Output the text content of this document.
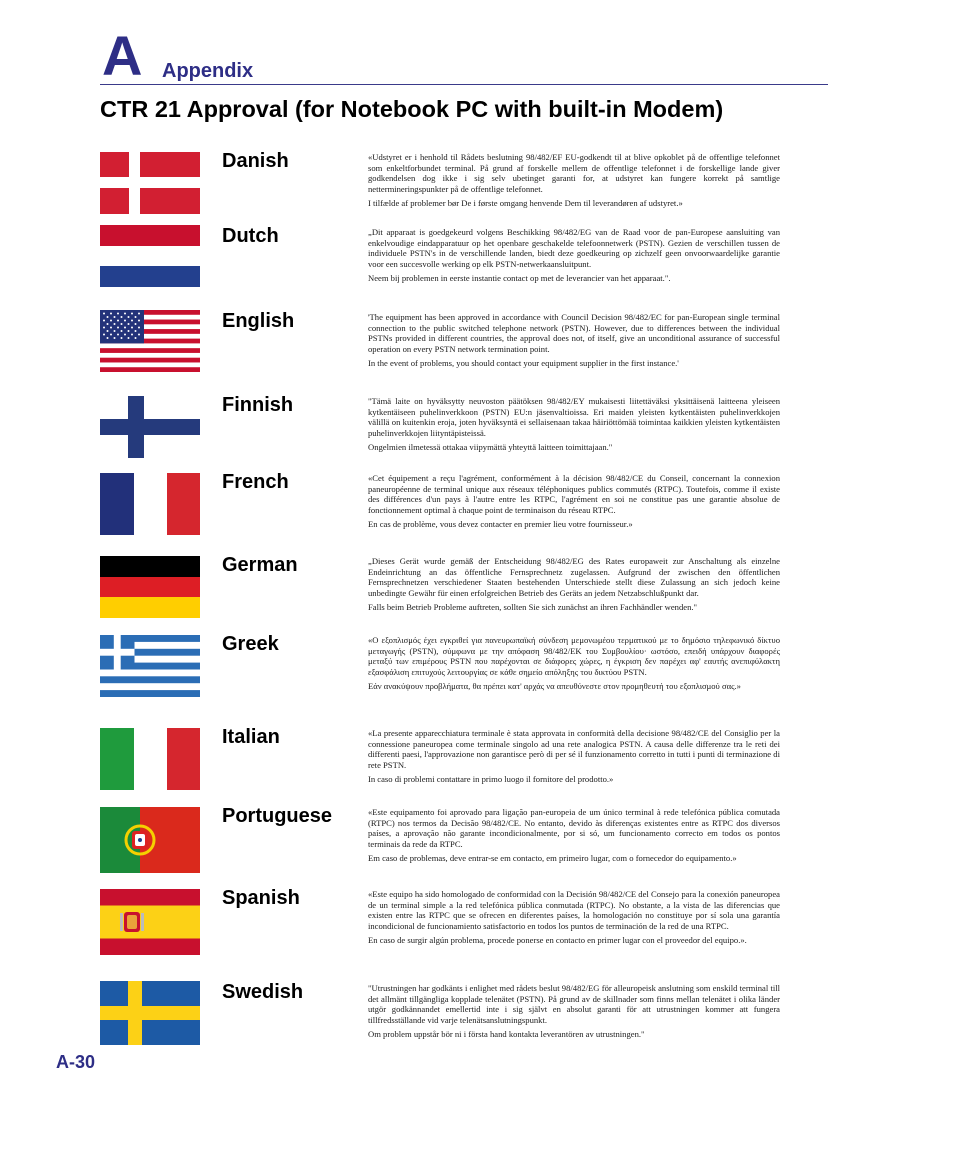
A Appendix
CTR 21 Approval (for Notebook PC with built-in Modem)
Danish	«Udstyret er i henhold til Rådets beslutning 98/482/EF EU-godkendt til at blive opkoblet på de offentlige telefonnet som enkeltforbundet terminal. På grund af forskelle mellem de offentlige telefonnet i de forskellige lande giver godkendelsen dog ikke i sig selv ubetinget garanti for, at udstyret kan fungere korrekt på samtlige nettermineringspunkter på de offentlige telefonnet.

I tilfælde af problemer bør De i første omgang henvende Dem til leverandøren af udstyret.»

Dutch	„Dit apparaat is goedgekeurd volgens Beschikking 98/482/EG van de Raad voor de pan-Europese aansluiting van enkelvoudige eindapparatuur op het openbare geschakelde telefoonnetwerk (PSTN). Gezien de verschillen tussen de individuele PSTN's in de verschillende landen, biedt deze goedkeuring op zichzelf geen onvoorwaardelijke garantie voor een succesvolle werking op elk PSTN-netwerkaansluitpunt.

Neem bij problemen in eerste instantie contact op met de leverancier van het apparaat.".

English	'The equipment has been approved in accordance with Council Decision 98/482/EC for pan-European single terminal connection to the public switched telephone network (PSTN). However, due to differences between the individual PSTNs provided in different countries, the approval does not, of itself, give an unconditional assurance of successful operation on every PSTN network termination point.

In the event of problems, you should contact your equipment supplier in the first instance.'

Finnish	"Tämä laite on hyväksytty neuvoston päätöksen 98/482/EY mukaisesti liitettäväksi yksittäisenä laitteena yleiseen kytkentäiseen puhelinverkkoon (PSTN) EU:n jäsenvaltioissa. Eri maiden yleisten kytkentäisten puhelinverkkojen välillä on kuitenkin eroja, joten hyväksyntä ei sellaisenaan takaa häiriöttömää toimintaa kaikkien yleisten kytkentäisten puhelinverkkojen liityntäpisteissä.

Ongelmien ilmetessä ottakaa viipymättä yhteyttä laitteen toimittajaan."

French	«Cet équipement a reçu l'agrément, conformément à la décision 98/482/CE du Conseil, concernant la connexion paneuropéenne de terminal unique aux réseaux téléphoniques publics commutés (RTPC). Toutefois, comme il existe des différences d'un pays à l'autre entre les RTPC, l'agrément en soi ne constitue pas une garantie absolue de fonctionnement optimal à chaque point de terminaison du réseau RTPC.

En cas de problème, vous devez contacter en premier lieu votre fournisseur.»

German	„Dieses Gerät wurde gemäß der Entscheidung 98/482/EG des Rates europaweit zur Anschaltung als einzelne Endeinrichtung an das öffentliche Fernsprechnetz zugelassen. Aufgrund der zwischen den öffentlichen Fernsprechnetzen verschiedener Staaten bestehenden Unterschiede stellt diese Zulassung an sich jedoch keine unbedingte Gewähr für einen erfolgreichen Betrieb des Geräts an jedem Netzabschlußpunkt dar.

Falls beim Betrieb Probleme auftreten, sollten Sie sich zunächst an ihren Fachhändler wenden."

Greek	«Ο εξοπλισμός έχει εγκριθεί για πανευρωπαϊκή σύνδεση μεμονωμέου τερματικού με το δημόσιο τηλεφωνικό δίκτυο μεταγωγής (PSTN), σύμφωνα με την απόφαση 98/482/ΕΚ του Συμβουλίου· ωστόσο, επειδή υπάρχουν διαφορές μεταξύ των επιμέρους PSTN που παρέχονται σε διάφορες χώρες, η έγκριση δεν παρέχει αφ' εαυτής ανεπιφύλακτη εξασφάλιση επιτυχούς λειτουργίας σε κάθε σημείο απόληξης του δικτύου PSTN.

Εάν ανακύψουν προβλήματα, θα πρέπει κατ' αρχάς να απευθύνεστε στον προμηθευτή του εξοπλισμού σας.»

Italian	«La presente apparecchiatura terminale è stata approvata in conformità della decisione 98/482/CE del Consiglio per la connessione paneuropea come terminale singolo ad una rete analogica PSTN. A causa delle differenze tra le reti dei differenti paesi, l'approvazione non garantisce però di per sé il funzionamento corretto in tutti i punti di terminazione di rete PSTN.

In caso di problemi contattare in primo luogo il fornitore del prodotto.»

Portuguese	«Este equipamento foi aprovado para ligação pan-europeia de um único terminal à rede telefónica pública comutada (RTPC) nos termos da Decisão 98/482/CE. No entanto, devido às diferenças existentes entre as RTPC dos diversos países, a aprovação não garante incondicionalmente, por si só, um funcionamento correcto em todos os pontos terminais da rede da RTPC.

Em caso de problemas, deve entrar-se em contacto, em primeiro lugar, com o fornecedor do equipamento.»

Spanish	«Este equipo ha sido homologado de conformidad con la Decisión 98/482/CE del Consejo para la conexión paneuropea de un terminal simple a la red telefónica pública conmutada (RTPC). No obstante, a la vista de las diferencias que existen entre las RTPC que se ofrecen en diferentes países, la homologación no constituye por sí sola una garantía incondicional de funcionamiento satisfactorio en todos los puntos de terminación de la red de una RTPC.

En caso de surgir algún problema, procede ponerse en contacto en primer lugar con el proveedor del equipo.».

Swedish	"Utrustningen har godkänts i enlighet med rådets beslut 98/482/EG för alleuropeisk anslutning som enskild terminal till det allmänt tillgängliga kopplade telenätet (PSTN). På grund av de skillnader som finns mellan telenätet i olika länder utgör godkännandet emellertid inte i sig självt en absolut garanti för att utrustningen kommer att fungera tillfredsställande vid varje telenätsanslutningspunkt.

Om problem uppstår bör ni i första hand kontakta leverantören av utrustningen."

A-30
